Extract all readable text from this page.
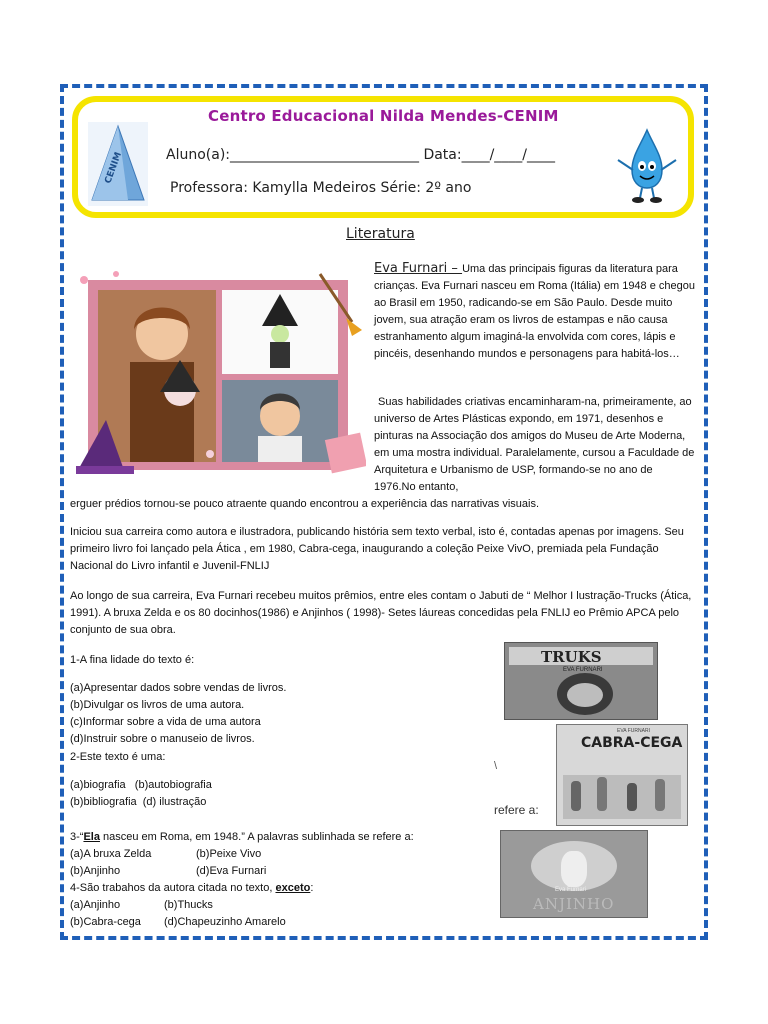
Centro Educacional Nilda Mendes-CENIM
CENIM	Aluno(a):___________________________ Data:____/____/____
Professora: Kamylla Medeiros Série: 2º ano
Literatura

Eva Furnari – Uma das principais figuras da literatura para crianças. Eva Furnari nasceu em Roma (Itália) em 1948 e chegou ao Brasil em 1950, radicando-se em São Paulo. Desde muito jovem, sua atração eram os livros de estampas e não causa estranhamento algum imaginá-la envolvida com cores, lápis e pincéis, desenhando mundos e personagens para habitá-los…

Suas habilidades criativas encaminharam-na, primeiramente, ao universo de Artes Plásticas expondo, em 1971, desenhos e pinturas na Associação dos amigos do Museu de Arte Moderna, em uma mostra individual. Paralelamente, cursou a Faculdade de Arquitetura e Urbanismo de USP, formando-se no ano de 1976.No entanto,
erguer prédios tornou-se pouco atraente quando encontrou a experiência das narrativas visuais.
Iniciou sua carreira como autora e ilustradora, publicando história sem texto verbal, isto é, contadas apenas por imagens. Seu primeiro livro foi lançado pela Ática , em 1980, Cabra-cega, inaugurando a coleção Peixe VivO, premiada pela Fundação Nacional do Livro infantil e Juvenil-FNLIJ
Ao longo de sua carreira, Eva Furnari recebeu muitos prêmios, entre eles contam o Jabuti de “ Melhor I lustração-Trucks (Ática, 1991). A bruxa Zelda e os 80 docinhos(1986) e Anjinhos ( 1998)- Setes láureas concedidas pela FNLIJ eo Prêmio APCA pelo conjunto de sua obra.
1-A fina lidade do texto é:
(a)Apresentar dados sobre vendas de livros.
(b)Divulgar os livros de uma autora.
(c)Informar sobre a vida de uma autora
(d)Instruir sobre o manuseio de livros.
2-Este texto é uma:
(a)biografia   (b)autobiografia
(b)bibliografia  (d) ilustração
\
refere a:
3-“Ela nasceu em Roma, em 1948.” A palavras sublinhada se refere a:
(a)A bruxa Zelda	(b)Peixe Vivo
(b)Anjinho	(d)Eva Furnari
4-São trabahos da autora citada no texto, exceto:
(a)Anjinho	(b)Thucks
(b)Cabra-cega (d)Chapeuzinho Amarelo
TRUKS
EVA FURNARI
EVA FURNARI
CABRA-CEGA
Eva Furnari
ANJINHO
